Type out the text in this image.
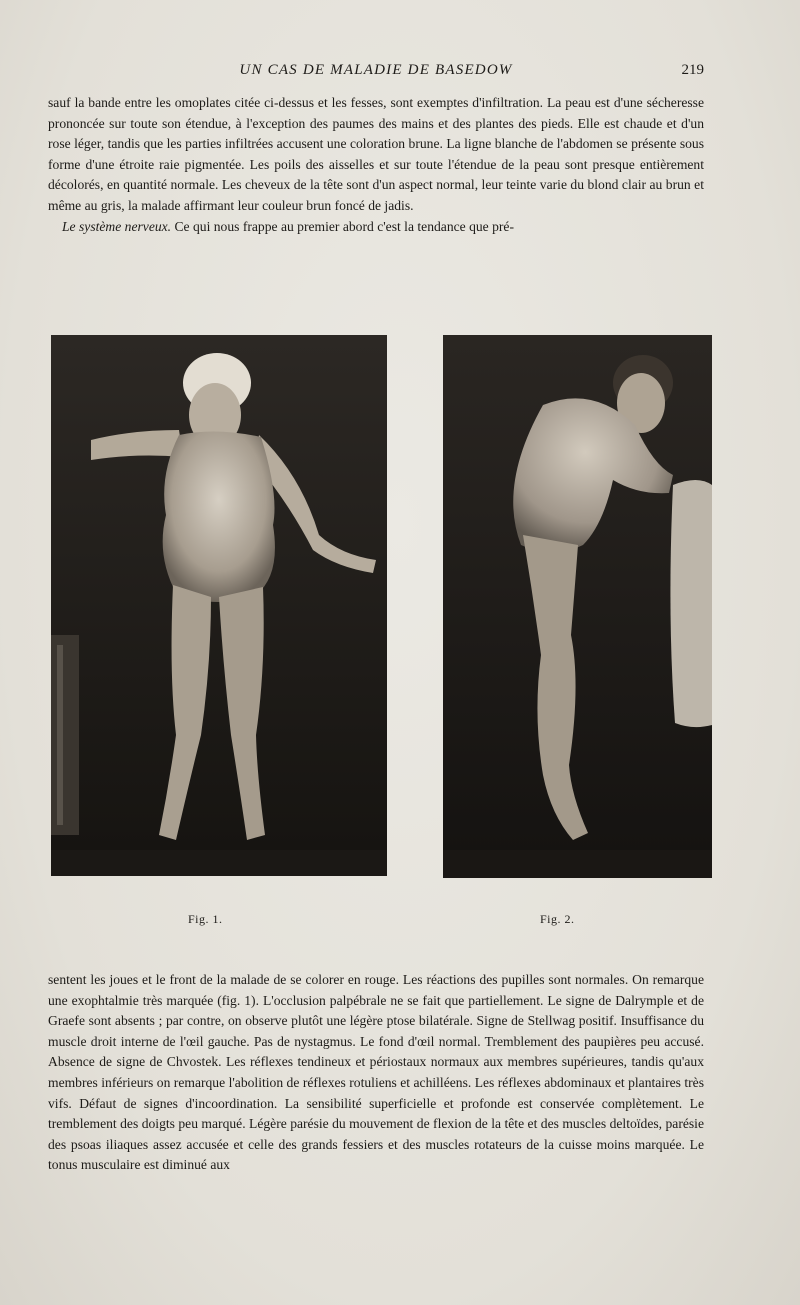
UN CAS DE MALADIE DE BASEDOW	219

sauf la bande entre les omoplates citée ci-dessus et les fesses, sont exemptes d'infiltration. La peau est d'une sécheresse prononcée sur toute son étendue, à l'exception des paumes des mains et des plantes des pieds. Elle est chaude et d'un rose léger, tandis que les parties infiltrées accusent une coloration brune. La ligne blanche de l'abdomen se présente sous forme d'une étroite raie pigmentée. Les poils des aisselles et sur toute l'étendue de la peau sont presque entièrement décolorés, en quantité normale. Les cheveux de la tête sont d'un aspect normal, leur teinte varie du blond clair au brun et même au gris, la malade affirmant leur couleur brun foncé de jadis.

Le système nerveux. Ce qui nous frappe au premier abord c'est la tendance que pré-

Fig. 1.	Fig. 2.

sentent les joues et le front de la malade de se colorer en rouge. Les réactions des pupilles sont normales. On remarque une exophtalmie très marquée (fig. 1). L'occlusion palpébrale ne se fait que partiellement. Le signe de Dalrymple et de Graefe sont absents ; par contre, on observe plutôt une légère ptose bilatérale. Signe de Stellwag positif. Insuffisance du muscle droit interne de l'œil gauche. Pas de nystagmus. Le fond d'œil normal. Tremblement des paupières peu accusé. Absence de signe de Chvostek. Les réflexes tendineux et périostaux normaux aux membres supérieures, tandis qu'aux membres inférieurs on remarque l'abolition de réflexes rotuliens et achilléens. Les réflexes abdominaux et plantaires très vifs. Défaut de signes d'incoordination. La sensibilité superficielle et profonde est conservée complètement. Le tremblement des doigts peu marqué. Légère parésie du mouvement de flexion de la tête et des muscles deltoïdes, parésie des psoas iliaques assez accusée et celle des grands fessiers et des muscles rotateurs de la cuisse moins marquée. Le tonus musculaire est diminué aux
